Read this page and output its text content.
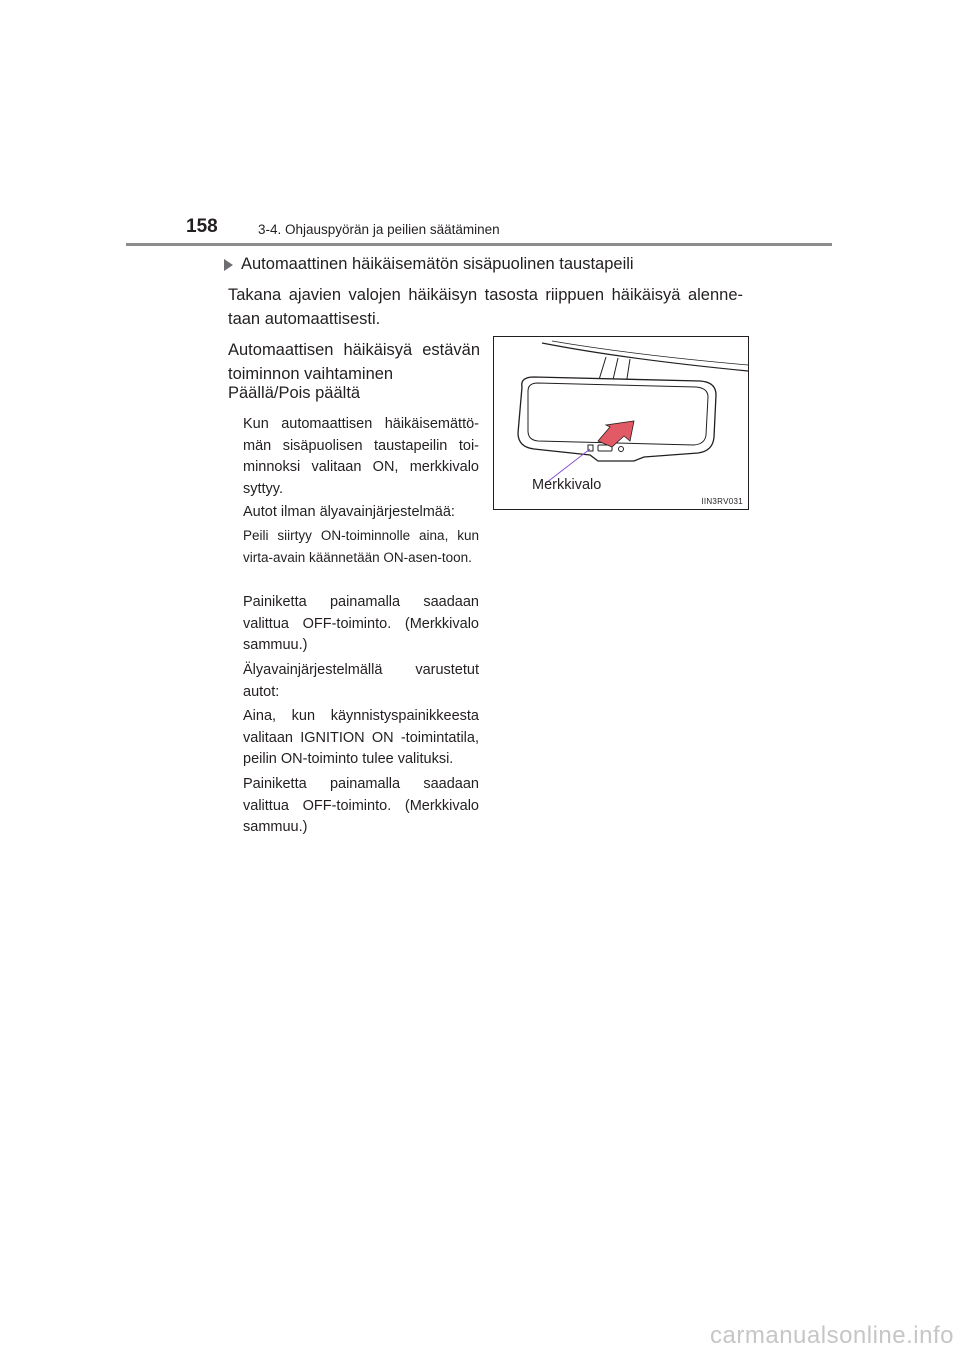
158	3-4. Ohjauspyörän ja peilien säätäminen
Automaattinen häikäisemätön sisäpuolinen taustapeili

Takana ajavien valojen häikäisyn tasosta riippuen häikäisyä alenne-taan automaattisesti.

Automaattisen häikäisyä estävän toiminnon vaihtaminen

Päällä/Pois päältä

Kun automaattisen häikäisemättö-män sisäpuolisen taustapeilin toi-minnoksi valitaan ON, merkkivalo syttyy.

Autot ilman älyavainjärjestelmää:

Peili siirtyy ON-toiminnolle aina, kun virta-avain käännetään ON-asen-toon.

Painiketta painamalla saadaan valittua OFF-toiminto. (Merkkivalo sammuu.)

Älyavainjärjestelmällä varustetut autot:

Aina, kun käynnistyspainikkeesta valitaan IGNITION ON -toimintatila, peilin ON-toiminto tulee valituksi.

Painiketta painamalla saadaan valittua OFF-toiminto. (Merkkivalo sammuu.)

Merkkivalo
IIN3RV031
carmanualsonline.info
